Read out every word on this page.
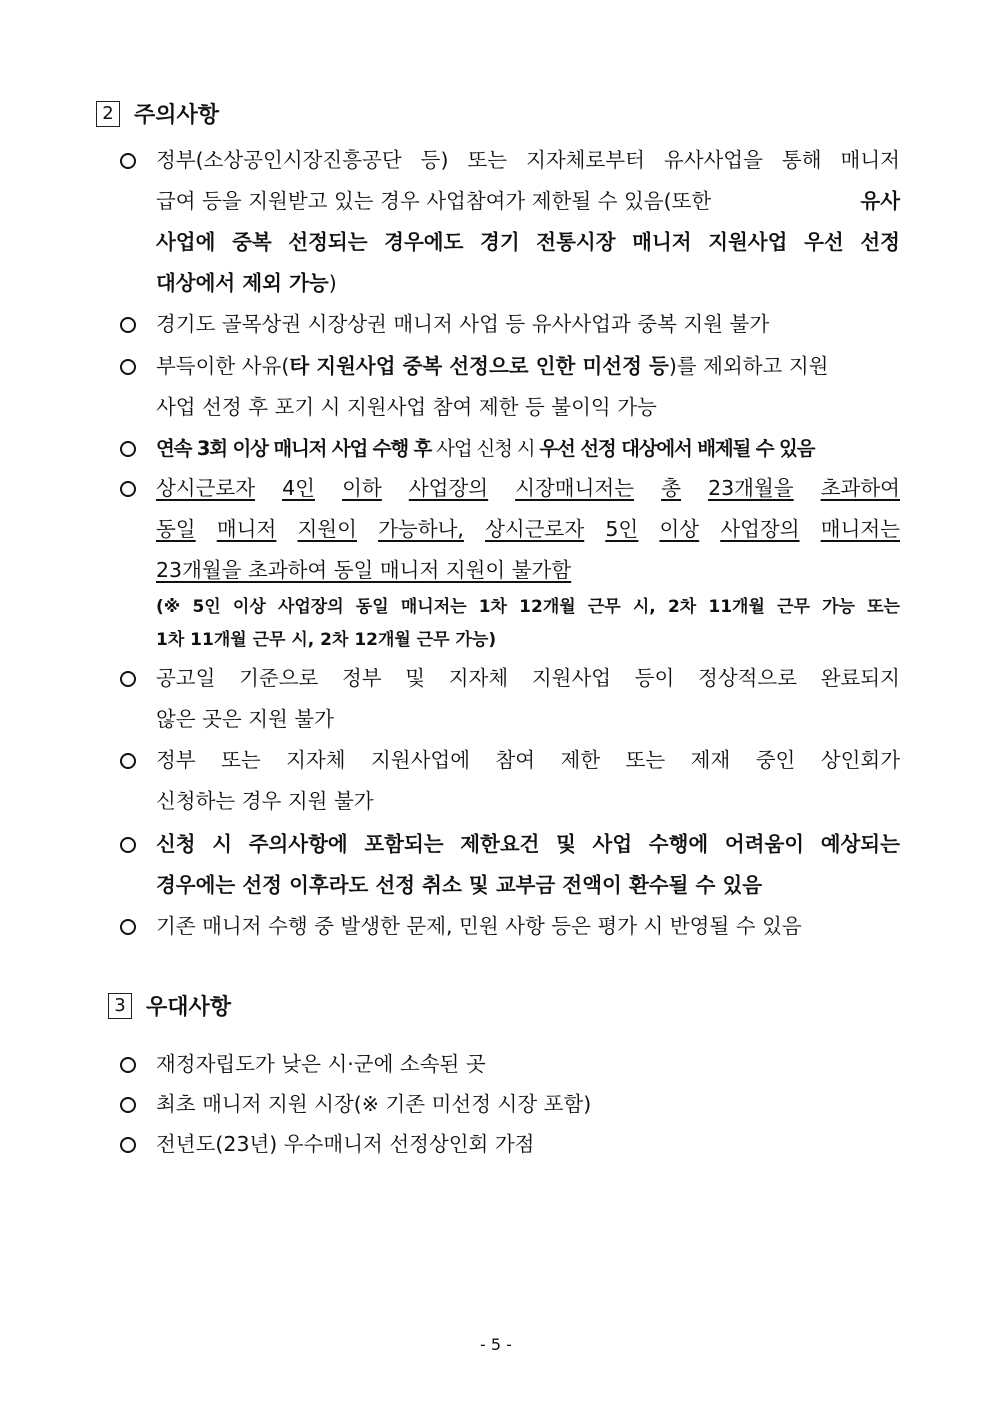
2 주의사항
정부(소상공인시장진흥공단 등) 또는 지자체로부터 유사사업을 통해 매니저
급여 등을 지원받고 있는 경우 사업참여가 제한될 수 있음(또한	유사
사업에 중복 선정되는 경우에도 경기 전통시장 매니저 지원사업 우선 선정
대상에서 제외 가능)
경기도 골목상권 시장상권 매니저 사업 등 유사사업과 중복 지원 불가
부득이한 사유(타 지원사업 중복 선정으로 인한 미선정 등)를 제외하고 지원
사업 선정 후 포기 시 지원사업 참여 제한 등 불이익 가능
연속 3회 이상 매니저 사업 수행 후 사업 신청 시 우선 선정 대상에서 배제될 수 있음
상시근로자 4인 이하 사업장의 시장매니저는 총 23개월을 초과하여
동일 매니저 지원이 가능하나, 상시근로자 5인 이상 사업장의 매니저는
23개월을 초과하여 동일 매니저 지원이 불가함
(※ 5인 이상 사업장의 동일 매니저는 1차 12개월 근무 시, 2차 11개월 근무 가능 또는
1차 11개월 근무 시, 2차 12개월 근무 가능)
공고일 기준으로 정부 및 지자체 지원사업 등이 정상적으로 완료되지
않은 곳은 지원 불가
정부 또는 지자체 지원사업에 참여 제한 또는 제재 중인 상인회가
신청하는 경우 지원 불가
신청 시 주의사항에 포함되는 제한요건 및 사업 수행에 어려움이 예상되는
경우에는 선정 이후라도 선정 취소 및 교부금 전액이 환수될 수 있음
기존 매니저 수행 중 발생한 문제, 민원 사항 등은 평가 시 반영될 수 있음
3 우대사항
재정자립도가 낮은 시·군에 소속된 곳
최초 매니저 지원 시장(※ 기존 미선정 시장 포함)
전년도(23년) 우수매니저 선정상인회 가점
- 5 -
